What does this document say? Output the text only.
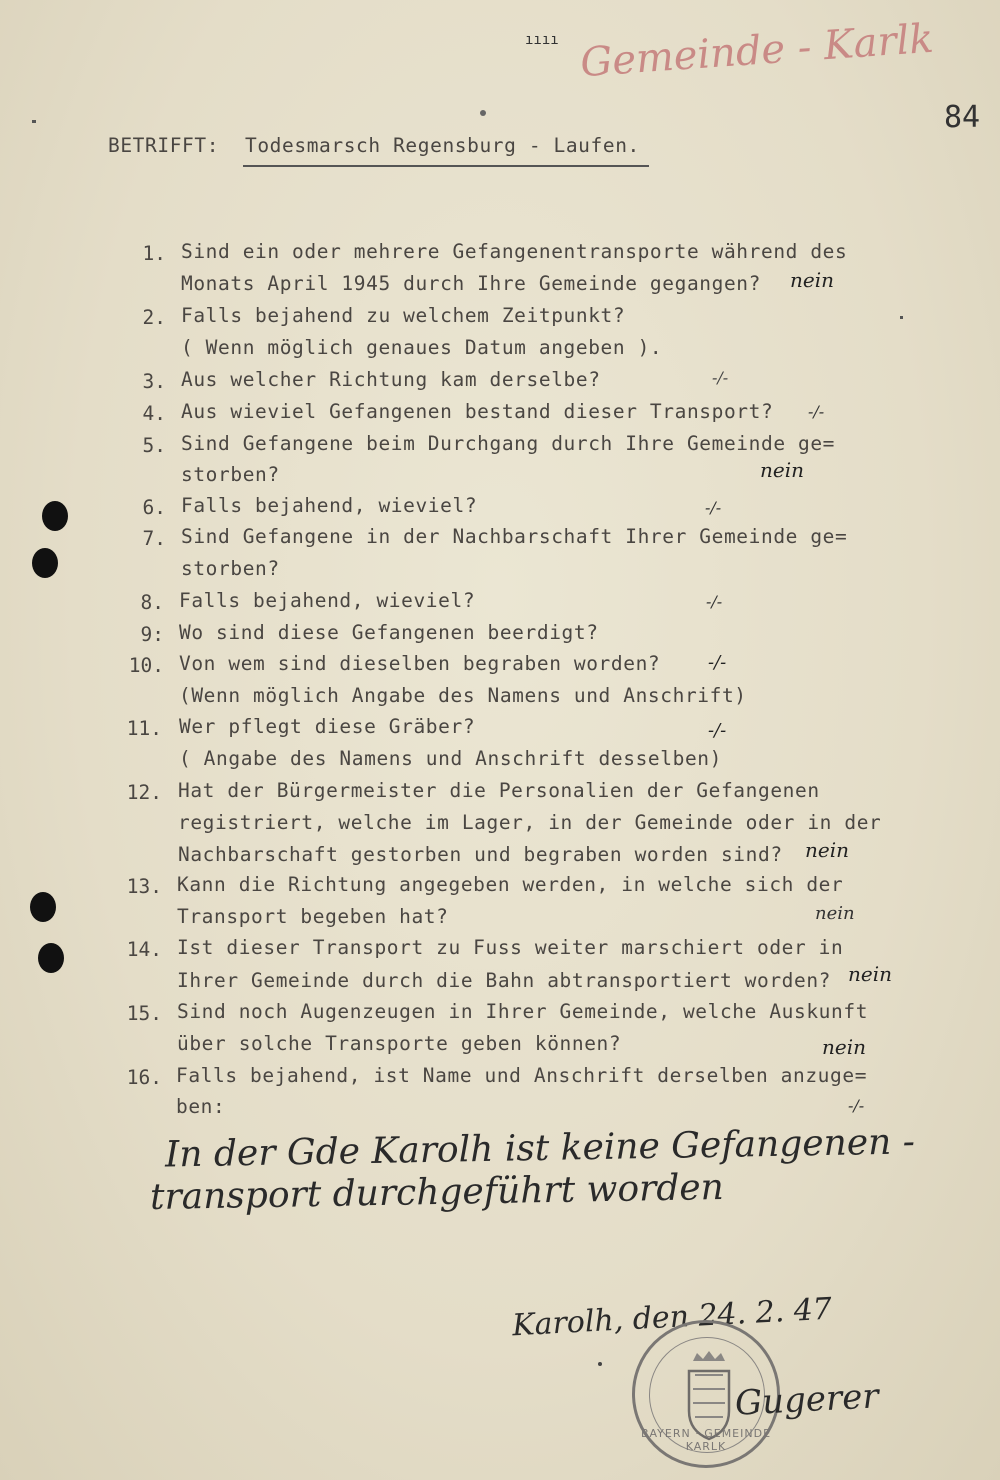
Gemeinde - Karlk
ıııı
84
BETRIFFT: Todesmarsch Regensburg - Laufen.
1.
2.
3.
4.
5.
6.
7.
8.
9:
10.
11.
12.
13.
14.
15.
16.
Sind ein oder mehrere Gefangenentransporte während des
Monats April 1945 durch Ihre Gemeinde gegangen?
Falls bejahend zu welchem Zeitpunkt?
( Wenn möglich genaues Datum angeben ).
Aus welcher Richtung kam derselbe?
Aus wieviel Gefangenen bestand dieser Transport?
Sind Gefangene beim Durchgang durch Ihre Gemeinde ge=
storben?
Falls bejahend, wieviel?
Sind Gefangene in der Nachbarschaft Ihrer Gemeinde ge=
storben?
Falls bejahend, wieviel?
Wo sind diese Gefangenen beerdigt?
Von wem sind dieselben begraben worden?
(Wenn möglich Angabe des Namens und Anschrift)
Wer pflegt diese Gräber?
( Angabe des Namens und Anschrift desselben)
Hat der Bürgermeister die Personalien der Gefangenen
registriert, welche im Lager, in der Gemeinde oder in der
Nachbarschaft gestorben und begraben worden sind?
Kann die Richtung angegeben werden, in welche sich der
Transport begeben hat?
Ist dieser Transport zu Fuss weiter marschiert oder in
Ihrer Gemeinde durch die Bahn abtransportiert worden?
Sind noch Augenzeugen in Ihrer Gemeinde, welche Auskunft
über solche Transporte geben können?
Falls bejahend, ist Name und Anschrift derselben anzuge=
ben:
nein
-/-
-/-
nein
-/-
-/-
-/-
-/-
nein
nein
nein
nein
-/-
In der Gde Karolh ist keine Gefangenen -
transport durchgeführt worden
Karolh, den 24. 2. 47
BAYERN · GEMEINDE KARLK
Gugerer
